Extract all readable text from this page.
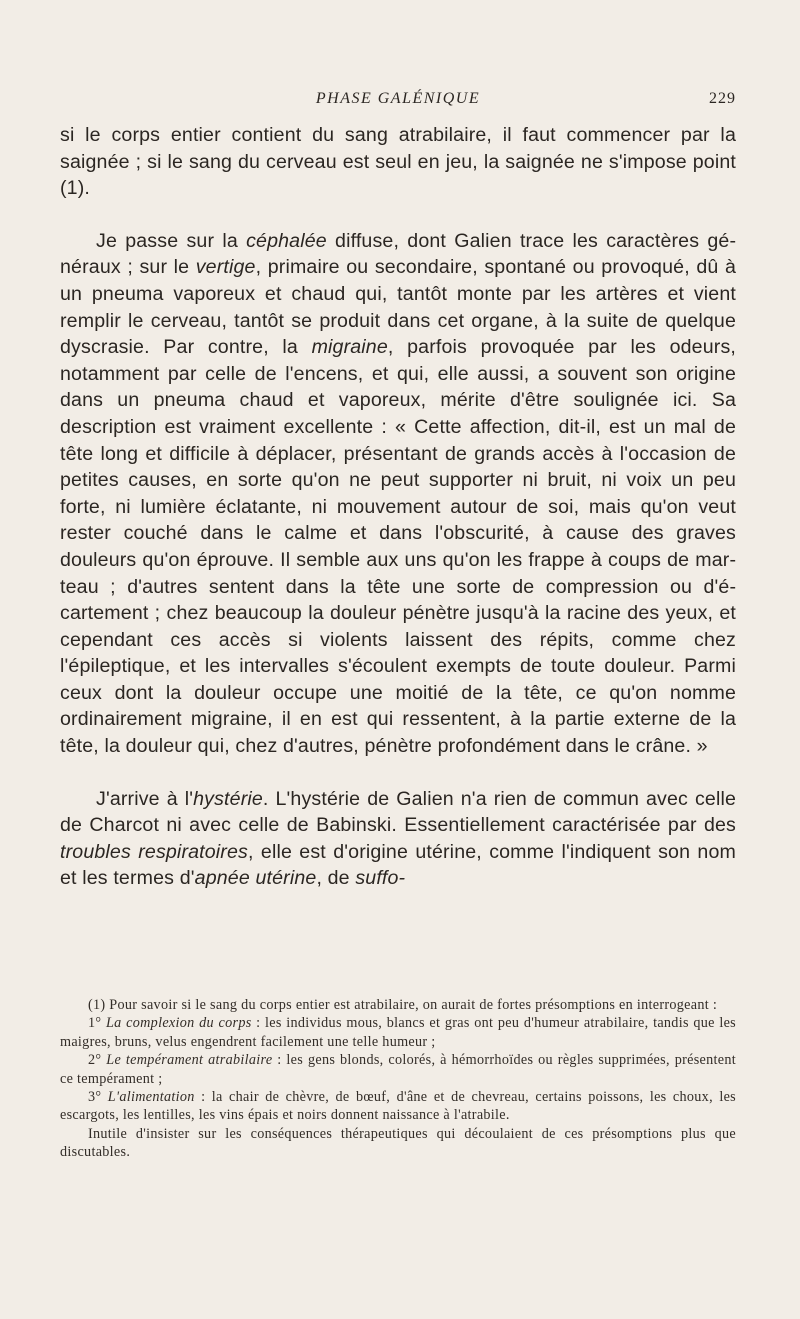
PHASE GALÉNIQUE	229

si le corps entier contient du sang atrabilaire, il faut commencer par la saignée ; si le sang du cerveau est seul en jeu, la saignée ne s'impose point (1).

Je passe sur la céphalée diffuse, dont Galien trace les caractères généraux ; sur le vertige, primaire ou secondaire, spontané ou provoqué, dû à un pneuma vaporeux et chaud qui, tantôt monte par les artères et vient remplir le cerveau, tantôt se produit dans cet organe, à la suite de quelque dyscrasie. Par contre, la migraine, parfois provoquée par les odeurs, notamment par celle de l'encens, et qui, elle aussi, a souvent son origine dans un pneuma chaud et vaporeux, mérite d'être soulignée ici. Sa description est vraiment excellente : « Cette affection, dit-il, est un mal de tête long et difficile à déplacer, présentant de grands accès à l'occasion de petites causes, en sorte qu'on ne peut supporter ni bruit, ni voix un peu forte, ni lumière éclatante, ni mouvement autour de soi, mais qu'on veut rester couché dans le calme et dans l'obscurité, à cause des graves douleurs qu'on éprouve. Il semble aux uns qu'on les frappe à coups de marteau ; d'autres sentent dans la tête une sorte de compression ou d'écartement ; chez beaucoup la douleur pénètre jusqu'à la racine des yeux, et cependant ces accès si violents laissent des répits, comme chez l'épileptique, et les intervalles s'écoulent exempts de toute douleur. Parmi ceux dont la douleur occupe une moitié de la tête, ce qu'on nomme ordinairement migraine, il en est qui ressentent, à la partie externe de la tête, la douleur qui, chez d'autres, pénètre profondément dans le crâne. »

J'arrive à l'hystérie. L'hystérie de Galien n'a rien de commun avec celle de Charcot ni avec celle de Babinski. Essentiellement caractérisée par des troubles respiratoires, elle est d'origine utérine, comme l'indiquent son nom et les termes d'apnée utérine, de suffo-

(1) Pour savoir si le sang du corps entier est atrabilaire, on aurait de fortes présomptions en interrogeant :

1° La complexion du corps : les individus mous, blancs et gras ont peu d'humeur atrabilaire, tandis que les maigres, bruns, velus engendrent facilement une telle humeur ;

2° Le tempérament atrabilaire : les gens blonds, colorés, à hémorrhoïdes ou règles supprimées, présentent ce tempérament ;

3° L'alimentation : la chair de chèvre, de bœuf, d'âne et de chevreau, certains poissons, les choux, les escargots, les lentilles, les vins épais et noirs donnent naissance à l'atrabile.

Inutile d'insister sur les conséquences thérapeutiques qui découlaient de ces présomptions plus que discutables.
